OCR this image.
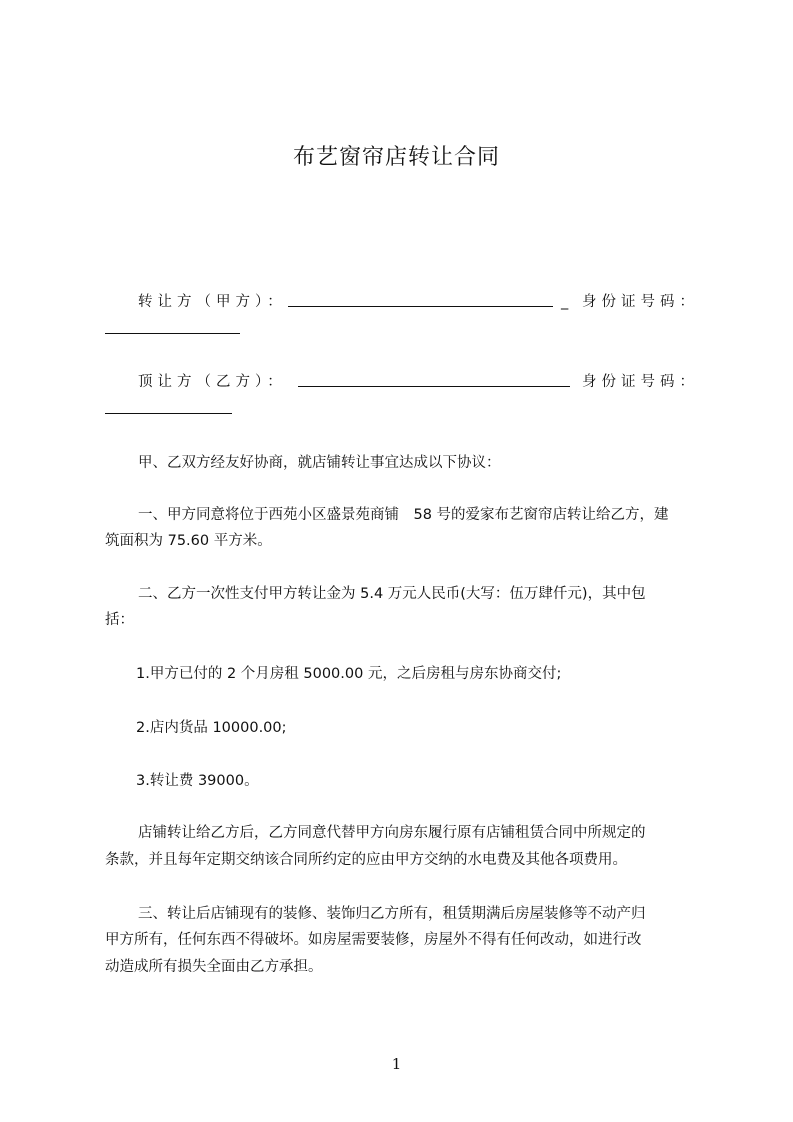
布艺窗帘店转让合同
转让方（甲方）：	_ 身份证号码：
顶让方（乙方）：	身份证号码：
甲、乙双方经友好协商，就店铺转让事宜达成以下协议：
一、甲方同意将位于西苑小区盛景苑商铺　58 号的爱家布艺窗帘店转让给乙方，建
筑面积为 75.60 平方米。
二、乙方一次性支付甲方转让金为 5.4 万元人民币(大写：伍万肆仟元)，其中包
括：
1.甲方已付的 2 个月房租 5000.00 元，之后房租与房东协商交付;
2.店内货品 10000.00;
3.转让费 39000。
店铺转让给乙方后，乙方同意代替甲方向房东履行原有店铺租赁合同中所规定的
条款，并且每年定期交纳该合同所约定的应由甲方交纳的水电费及其他各项费用。
三、转让后店铺现有的装修、装饰归乙方所有，租赁期满后房屋装修等不动产归
甲方所有，任何东西不得破坏。如房屋需要装修，房屋外不得有任何改动，如进行改
动造成所有损失全面由乙方承担。
1
